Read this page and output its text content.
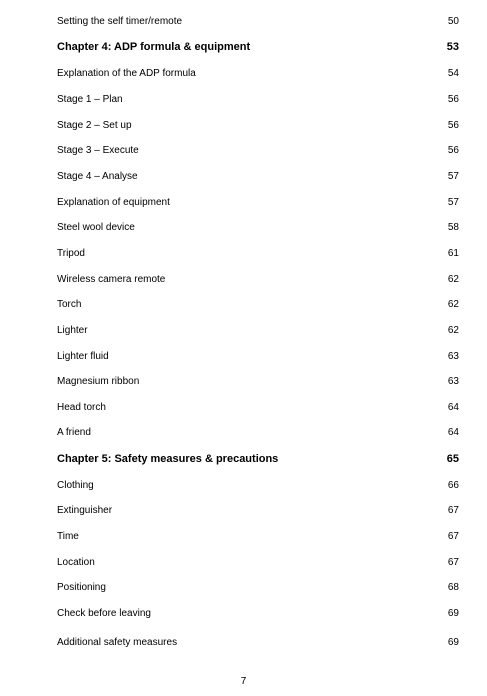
Setting the self timer/remote	50
Chapter 4: ADP formula & equipment	53
Explanation of the ADP formula	54
Stage 1 – Plan	56
Stage 2 – Set up	56
Stage 3 – Execute	56
Stage 4 – Analyse	57
Explanation of equipment	57
Steel wool device	58
Tripod	61
Wireless camera remote	62
Torch	62
Lighter	62
Lighter fluid	63
Magnesium ribbon	63
Head torch	64
A friend	64
Chapter 5: Safety measures & precautions	65
Clothing	66
Extinguisher	67
Time	67
Location	67
Positioning	68
Check before leaving	69
Additional safety measures	69
7
